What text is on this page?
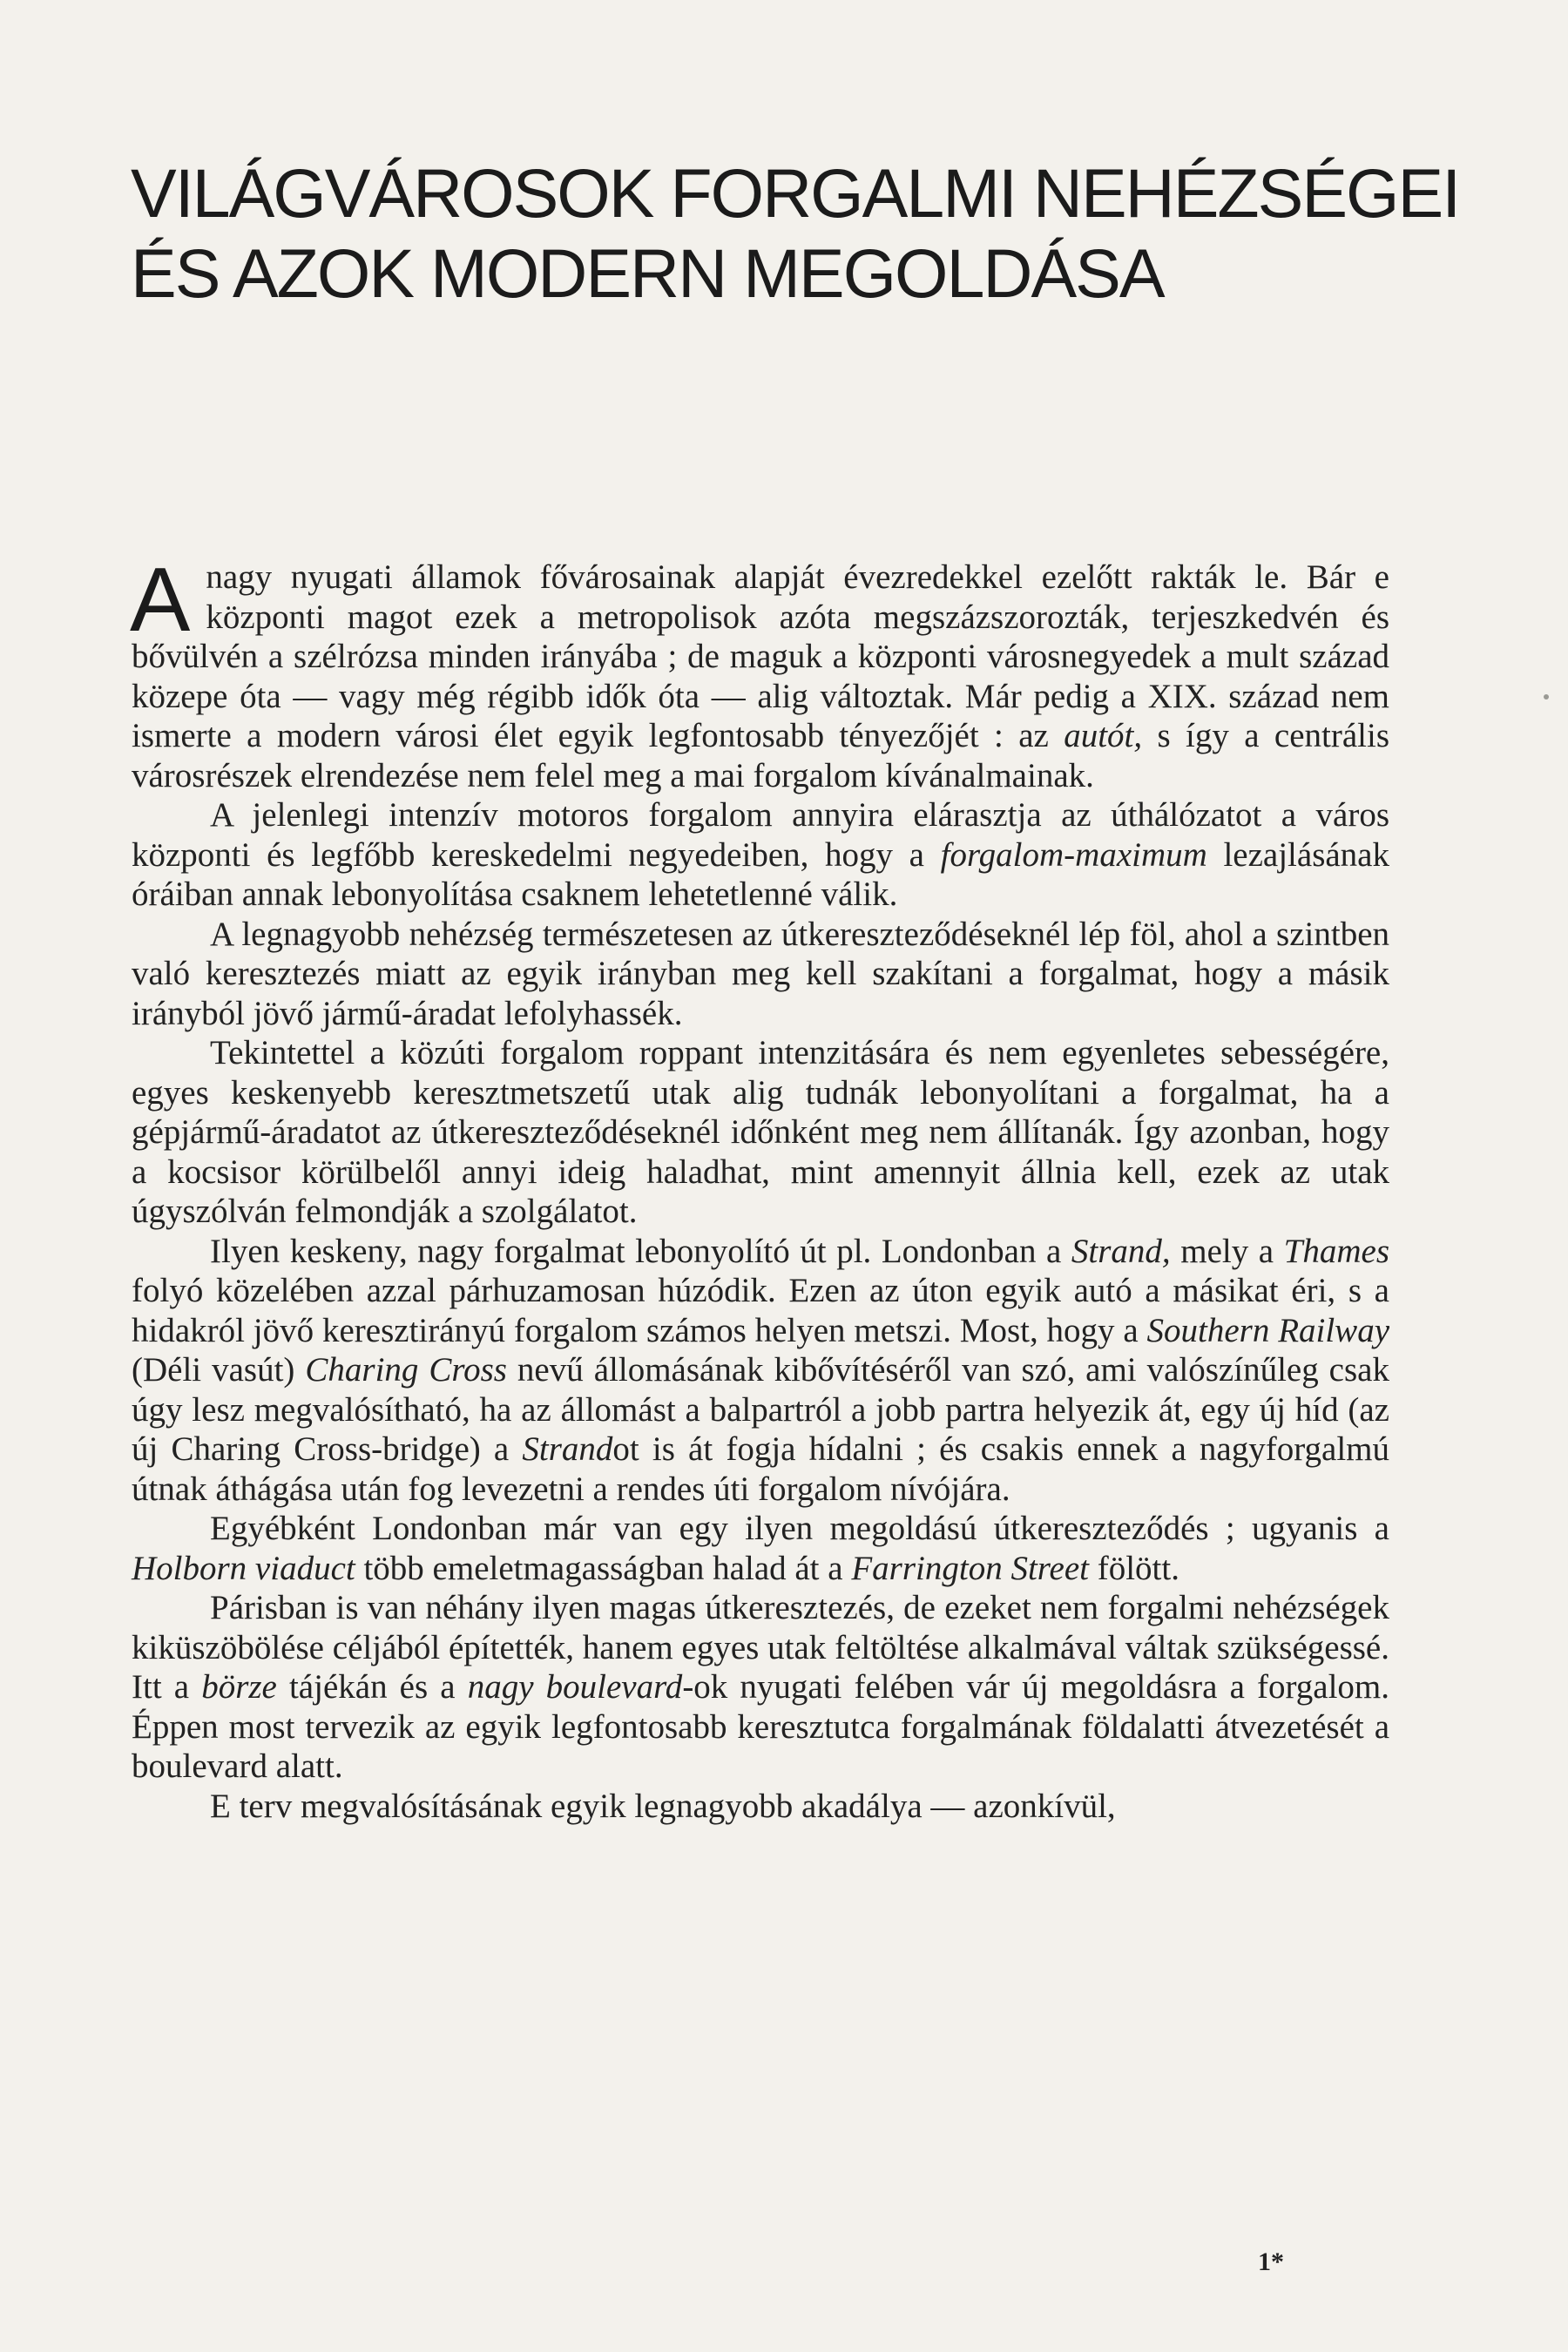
VILÁGVÁROSOK FORGALMI NEHÉZSÉGEI
ÉS AZOK MODERN MEGOLDÁSA

Anagy nyugati államok fővárosainak alapját évezredekkel ezelőtt rakták le. Bár e központi magot ezek a metropolisok azóta megszázszorozták, terjeszkedvén és bővülvén a szélrózsa minden irányába ; de maguk a központi városnegyedek a mult század közepe óta — vagy még régibb idők óta — alig változtak. Már pedig a XIX. század nem ismerte a modern városi élet egyik legfontosabb tényezőjét : az autót, s így a centrális városrészek elrendezése nem felel meg a mai forgalom kívánalmainak.

A jelenlegi intenzív motoros forgalom annyira elárasztja az úthálózatot a város központi és legfőbb kereskedelmi negyedeiben, hogy a forgalom-maximum lezajlásának óráiban annak lebonyolítása csaknem lehetetlenné válik.

A legnagyobb nehézség természetesen az útkereszteződéseknél lép föl, ahol a szintben való keresztezés miatt az egyik irányban meg kell szakítani a forgalmat, hogy a másik irányból jövő jármű-áradat lefolyhassék.

Tekintettel a közúti forgalom roppant intenzitására és nem egyenletes sebességére, egyes keskenyebb keresztmetszetű utak alig tudnák lebonyolítani a forgalmat, ha a gépjármű-áradatot az útkereszteződéseknél időnként meg nem állítanák. Így azonban, hogy a kocsisor körülbelől annyi ideig haladhat, mint amennyit állnia kell, ezek az utak úgyszólván felmondják a szolgálatot.

Ilyen keskeny, nagy forgalmat lebonyolító út pl. Londonban a Strand, mely a Thames folyó közelében azzal párhuzamosan húzódik. Ezen az úton egyik autó a másikat éri, s a hidakról jövő keresztirányú forgalom számos helyen metszi. Most, hogy a Southern Railway (Déli vasút) Charing Cross nevű állomásának kibővítéséről van szó, ami valószínűleg csak úgy lesz megvalósítható, ha az állomást a balpartról a jobb partra helyezik át, egy új híd (az új Charing Cross-bridge) a Strandot is át fogja hídalni ; és csakis ennek a nagyforgalmú útnak áthágása után fog levezetni a rendes úti forgalom nívójára.

Egyébként Londonban már van egy ilyen megoldású útkereszteződés ; ugyanis a Holborn viaduct több emeletmagasságban halad át a Farrington Street fölött.

Párisban is van néhány ilyen magas útkeresztezés, de ezeket nem forgalmi nehézségek kiküszöbölése céljából építették, hanem egyes utak feltöltése alkalmával váltak szükségessé. Itt a börze tájékán és a nagy boulevard-ok nyugati felében vár új megoldásra a forgalom. Éppen most tervezik az egyik legfontosabb keresztutca forgalmának földalatti átvezetését a boulevard alatt.

E terv megvalósításának egyik legnagyobb akadálya — azonkívül,

1*
